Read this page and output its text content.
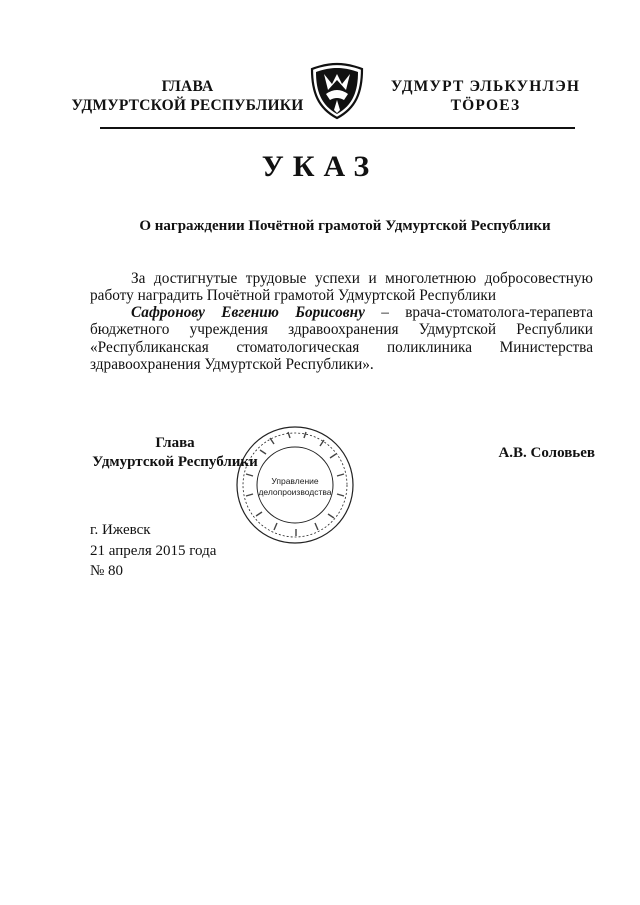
ГЛАВА
УДМУРТСКОЙ РЕСПУБЛИКИ
УДМУРТ ЭЛЬКУНЛЭН
ТӦРОЕЗ
УКАЗ
О награждении Почётной грамотой Удмуртской Республики
За достигнутые трудовые успехи и многолетнюю добросовестную работу наградить Почётной грамотой Удмуртской Республики
Сафронову Евгению Борисовну – врача-стоматолога-терапевта бюджетного учреждения здравоохранения Удмуртской Республики «Республиканская стоматологическая поликлиника Министерства здравоохранения Удмуртской Республики».
Управление
делопроизводства
Глава
Удмуртской Республики
А.В. Соловьев
г. Ижевск
21 апреля 2015 года
№ 80
